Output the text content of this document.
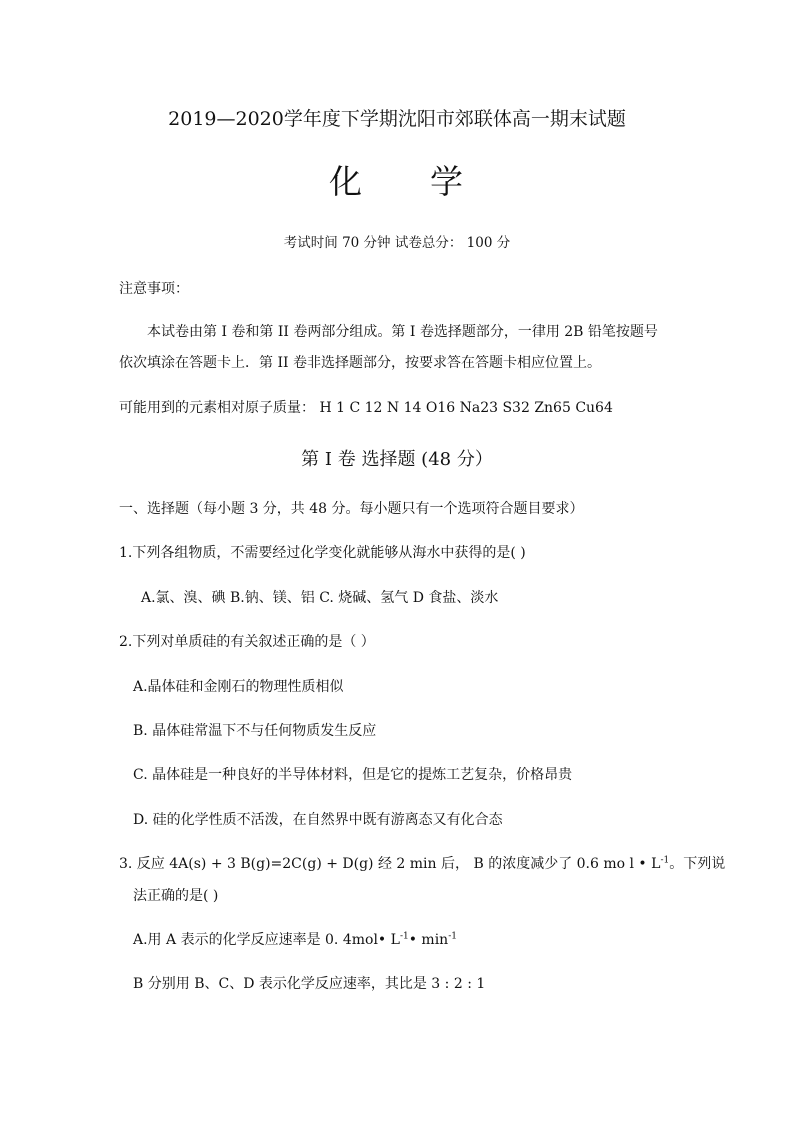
2019—2020学年度下学期沈阳市郊联体高一期末试题
化 学
考试时间 70 分钟 试卷总分： 100 分
注意事项：
本试卷由第 Ⅰ 卷和第 II 卷两部分组成。第 Ⅰ 卷选择题部分，一律用 2B 铅笔按题号
依次填涂在答题卡上．第 II 卷非选择题部分，按要求答在答题卡相应位置上。
可能用到的元素相对原子质量： H 1 C 12 N 14 O16 Na23 S32 Zn65 Cu64
第 Ⅰ 卷 选择题 (48 分）
一、选择题（每小题 3 分，共 48 分。每小题只有一个选项符合题目要求）
1.下列各组物质，不需要经过化学变化就能够从海水中获得的是( )
A.氯、溴、碘 B.钠、镁、铝 C. 烧碱、氢气 D 食盐、淡水
2.下列对单质硅的有关叙述正确的是（ ）
A.晶体硅和金刚石的物理性质相似
B. 晶体硅常温下不与任何物质发生反应
C. 晶体硅是一种良好的半导体材料，但是它的提炼工艺复杂，价格昂贵
D. 硅的化学性质不活泼，在自然界中既有游离态又有化合态
3. 反应 4A(s) + 3 B(g)=2C(g) + D(g) 经 2 min 后， B 的浓度减少了 0.6 mo l • $L^{-1}$。下列说
法正确的是( )
A.用 A 表示的化学反应速率是 0. 4mol• $L^{-1}•$ $\min^{-1}$
B 分别用 B、C、D 表示化学反应速率，其比是 3 : 2 : 1
